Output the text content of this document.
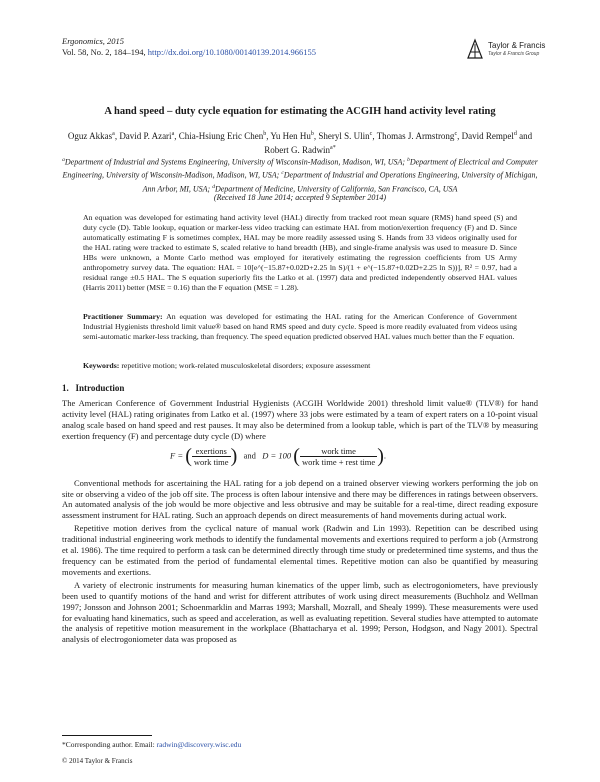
Ergonomics, 2015
Vol. 58, No. 2, 184–194, http://dx.doi.org/10.1080/00140139.2014.966155
Taylor & Francis
Taylor & Francis Group
A hand speed – duty cycle equation for estimating the ACGIH hand activity level rating
Oguz Akkas$^a$, David P. Azari$^a$, Chia-Hsiung Eric Chen$^b$, Yu Hen Hu$^b$, Sheryl S. Ulin$^c$, Thomas J. Armstrong$^c$, David Rempel$^d$ and Robert G. Radwin$^{a*}$
$^a$Department of Industrial and Systems Engineering, University of Wisconsin-Madison, Madison, WI, USA; $^b$Department of Electrical and Computer Engineering, University of Wisconsin-Madison, Madison, WI, USA; $^c$Department of Industrial and Operations Engineering, University of Michigan, Ann Arbor, MI, USA; $^d$Department of Medicine, University of California, San Francisco, CA, USA
(Received 18 June 2014; accepted 9 September 2014)
An equation was developed for estimating hand activity level (HAL) directly from tracked root mean square (RMS) hand speed (S) and duty cycle (D). Table lookup, equation or marker-less video tracking can estimate HAL from motion/exertion frequency (F) and D. Since automatically estimating F is sometimes complex, HAL may be more readily assessed using S. Hands from 33 videos originally used for the HAL rating were tracked to estimate S, scaled relative to hand breadth (HB), and single-frame analysis was used to measure D. Since HBs were unknown, a Monte Carlo method was employed for iteratively estimating the regression coefficients from US Army anthropometry survey data. The equation: HAL = 10[e^(−15.87+0.02D+2.25 ln S)/(1 + e^(−15.87+0.02D+2.25 ln S))], R² = 0.97, had a residual range ±0.5 HAL. The S equation superiorly fits the Latko et al. (1997) data and predicted independently observed HAL values (Harris 2011) better (MSE = 0.16) than the F equation (MSE = 1.28).
Practitioner Summary: An equation was developed for estimating the HAL rating for the American Conference of Government Industrial Hygienists threshold limit value® based on hand RMS speed and duty cycle. Speed is more readily evaluated from videos using semi-automatic marker-less tracking, than frequency. The speed equation predicted observed HAL values much better than the F equation.
Keywords: repetitive motion; work-related musculoskeletal disorders; exposure assessment
1. Introduction

The American Conference of Government Industrial Hygienists (ACGIH Worldwide 2001) threshold limit value® (TLV®) for hand activity level (HAL) rating originates from Latko et al. (1997) where 33 jobs were estimated by a team of expert raters on a 10-point visual analog scale based on hand speed and rest pauses. It may also be determined from a lookup table, which is part of the TLV® by measuring exertion frequency (F) and percentage duty cycle (D) where

Conventional methods for ascertaining the HAL rating for a job depend on a trained observer viewing workers performing the job on site or observing a video of the job off site. The process is often labour intensive and there may be differences in ratings between observers. An automated analysis of the job would be more objective and less obtrusive and may be suitable for a real-time, direct reading exposure assessment instrument for HAL rating. Such an approach depends on direct measurements of hand movements during actual work.

Repetitive motion derives from the cyclical nature of manual work (Radwin and Lin 1993). Repetition can be described using traditional industrial engineering work methods to identify the fundamental movements and exertions required to perform a job (Armstrong et al. 1986). The time required to perform a task can be determined directly through time study or predetermined time systems, and thus the frequency can be estimated from the period of fundamental elemental times. Repetitive motion can also be quantified by measuring movements and exertions.

A variety of electronic instruments for measuring human kinematics of the upper limb, such as electrogoniometers, have previously been used to quantify motions of the hand and wrist for different attributes of work using direct measurements (Buchholz and Wellman 1997; Jonsson and Johnson 2001; Schoenmarklin and Marras 1993; Marshall, Mozrall, and Shealy 1999). These measurements were used for evaluating hand kinematics, such as speed and acceleration, as well as evaluating repetition. Several studies have attempted to automate the analysis of repetitive motion measurement in the workplace (Bhattacharya et al. 1999; Person, Hodgson, and Nagy 2001). Spectral analysis of electrogoniometer data was proposed as

F = ( $\frac{\text{exertions}}{\text{work time}}$ ) and D = 100 ( $\frac{\text{work time}}{\text{work time + rest time}}$ ).
*Corresponding author. Email: radwin@discovery.wisc.edu
© 2014 Taylor & Francis
